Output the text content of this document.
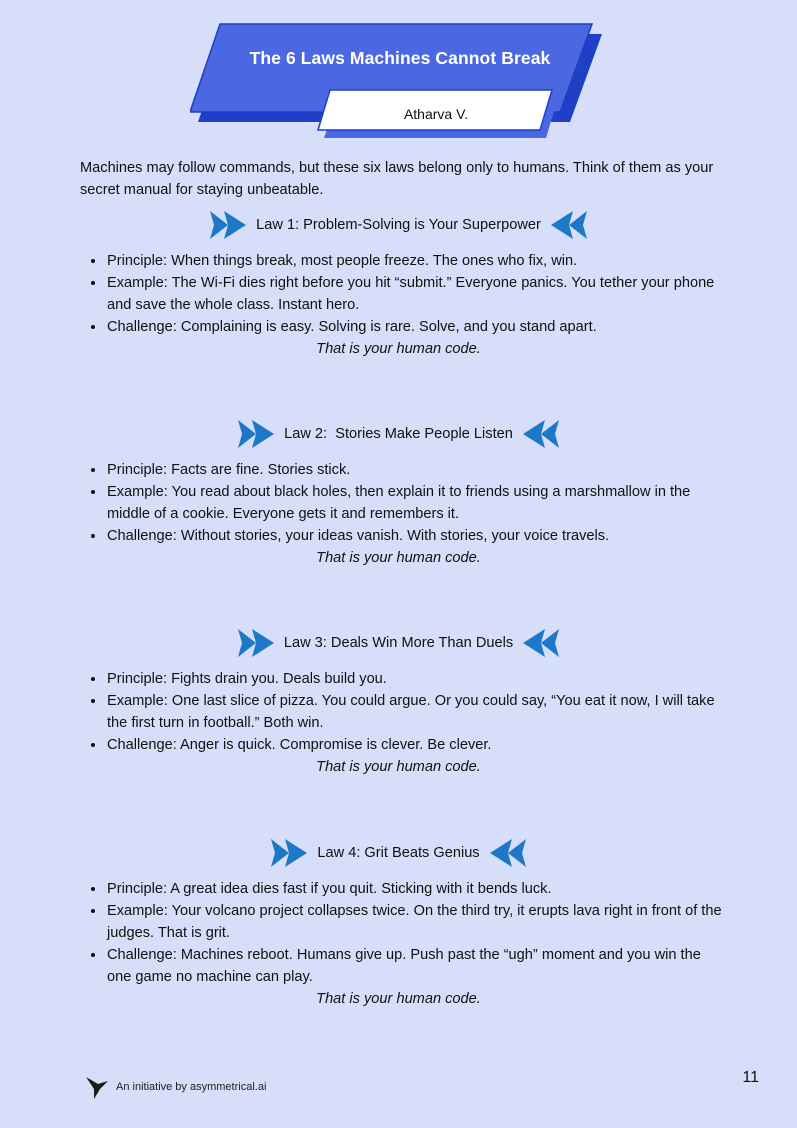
The 6 Laws Machines Cannot Break
Atharva V.

Machines may follow commands, but these six laws belong only to humans. Think of them as your secret manual for staying unbeatable.

Law 1: Problem-Solving is Your Superpower
Principle: When things break, most people freeze. The ones who fix, win.
Example: The Wi-Fi dies right before you hit “submit.” Everyone panics. You tether your phone and save the whole class. Instant hero.
Challenge: Complaining is easy. Solving is rare. Solve, and you stand apart.
That is your human code.
Law 2:  Stories Make People Listen
Principle: Facts are fine. Stories stick.
Example: You read about black holes, then explain it to friends using a marshmallow in the middle of a cookie. Everyone gets it and remembers it.
Challenge: Without stories, your ideas vanish. With stories, your voice travels.
That is your human code.
Law 3: Deals Win More Than Duels
Principle: Fights drain you. Deals build you.
Example: One last slice of pizza. You could argue. Or you could say, “You eat it now, I will take the first turn in football.” Both win.
Challenge: Anger is quick. Compromise is clever. Be clever.
That is your human code.
Law 4: Grit Beats Genius
Principle: A great idea dies fast if you quit. Sticking with it bends luck.
Example: Your volcano project collapses twice. On the third try, it erupts lava right in front of the judges. That is grit.
Challenge: Machines reboot. Humans give up. Push past the “ugh” moment and you win the one game no machine can play.
That is your human code.
An initiative by asymmetrical.ai
11
